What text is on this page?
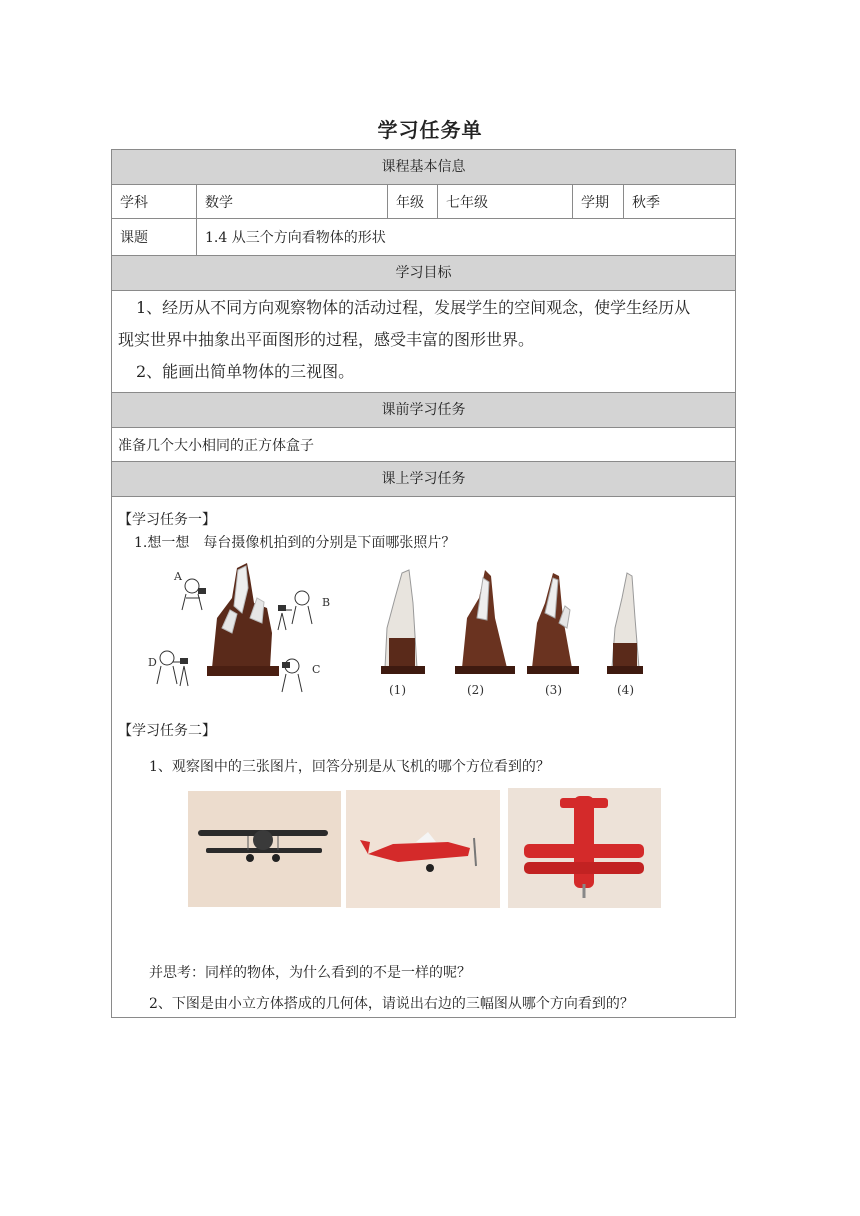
学习任务单
课程基本信息
学科	数学	年级	七年级	学期	秋季
课题	1.4 从三个方向看物体的形状
学习目标
1、经历从不同方向观察物体的活动过程，发展学生的空间观念，使学生经历从
现实世界中抽象出平面图形的过程，感受丰富的图形世界。
2、能画出简单物体的三视图。
课前学习任务
准备几个大小相同的正方体盒子
课上学习任务
【学习任务一】
1.想一想　每台摄像机拍到的分别是下面哪张照片？
A
B
C
D
(1)	(2)	(3)	(4)
【学习任务二】
1、观察图中的三张图片，回答分别是从飞机的哪个方位看到的？
并思考：同样的物体，为什么看到的不是一样的呢？
2、下图是由小立方体搭成的几何体，请说出右边的三幅图从哪个方向看到的？
